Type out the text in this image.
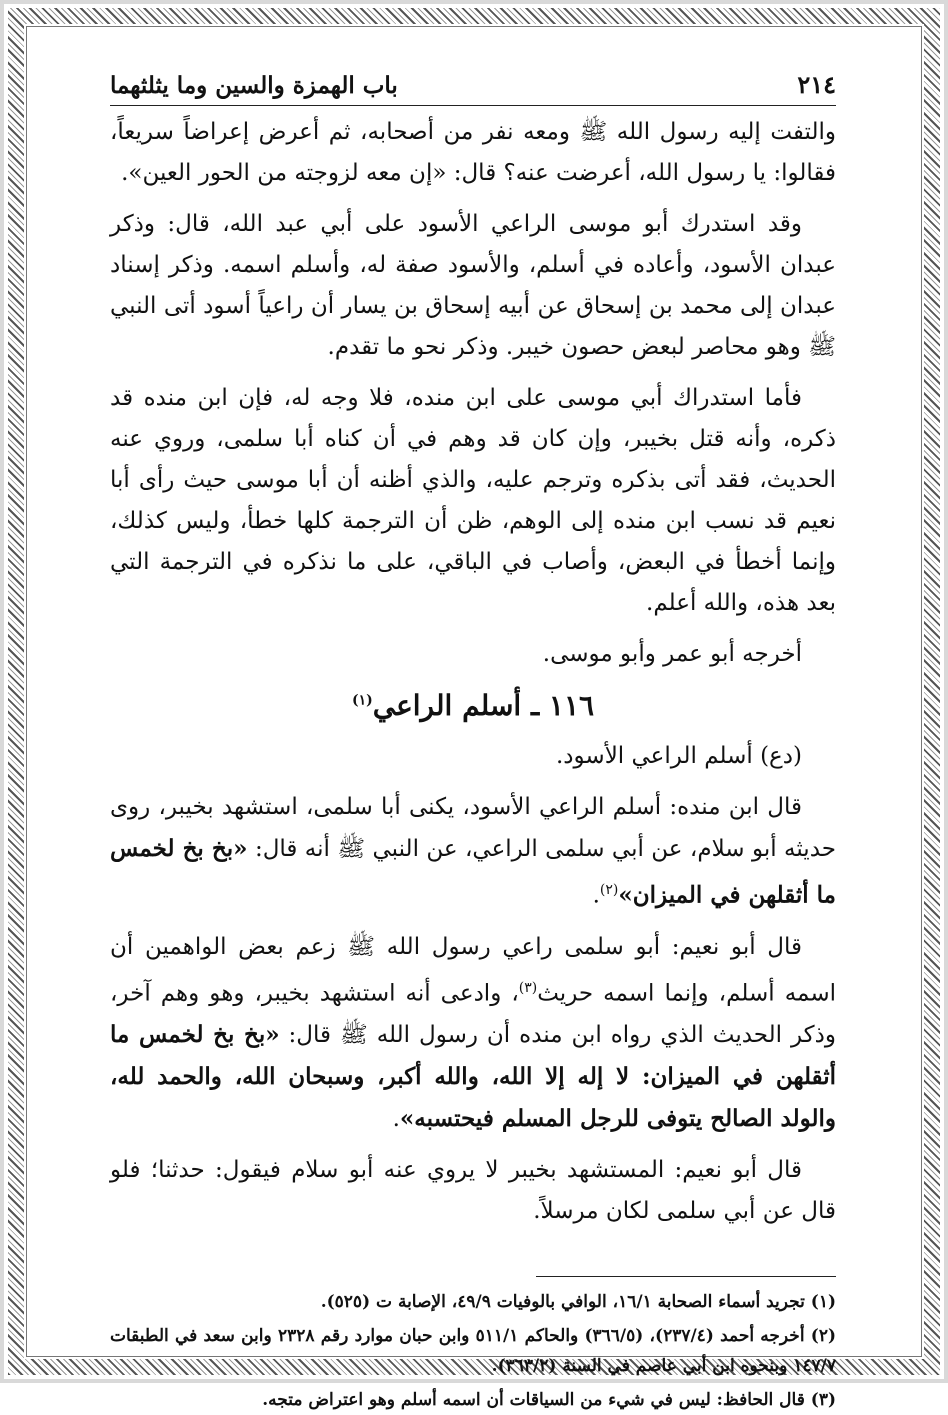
٢١٤
باب الهمزة والسين وما يثلثهما

والتفت إليه رسول الله ﷺ ومعه نفر من أصحابه، ثم أعرض إعراضاً سريعاً، فقالوا: يا رسول الله، أعرضت عنه؟ قال: «إن معه لزوجته من الحور العين».

وقد استدرك أبو موسى الراعي الأسود على أبي عبد الله، قال: وذكر عبدان الأسود، وأعاده في أسلم، والأسود صفة له، وأسلم اسمه. وذكر إسناد عبدان إلى محمد بن إسحاق عن أبيه إسحاق بن يسار أن راعياً أسود أتى النبي ﷺ وهو محاصر لبعض حصون خيبر. وذكر نحو ما تقدم.

فأما استدراك أبي موسى على ابن منده، فلا وجه له، فإن ابن منده قد ذكره، وأنه قتل بخيبر، وإن كان قد وهم في أن كناه أبا سلمى، وروي عنه الحديث، فقد أتى بذكره وترجم عليه، والذي أظنه أن أبا موسى حيث رأى أبا نعيم قد نسب ابن منده إلى الوهم، ظن أن الترجمة كلها خطأ، وليس كذلك، وإنما أخطأ في البعض، وأصاب في الباقي، على ما نذكره في الترجمة التي بعد هذه، والله أعلم.

أخرجه أبو عمر وأبو موسى.

١١٦ ـ أسلم الراعي$^{(١)}$

(دع) أسلم الراعي الأسود.

قال ابن منده: أسلم الراعي الأسود، يكنى أبا سلمى، استشهد بخيبر، روى حديثه أبو سلام، عن أبي سلمى الراعي، عن النبي ﷺ أنه قال: «بخ بخ لخمس ما أثقلهن في الميزان»$^{(٢)}$.

قال أبو نعيم: أبو سلمى راعي رسول الله ﷺ زعم بعض الواهمين أن اسمه أسلم، وإنما اسمه حريث$^{(٣)}$، وادعى أنه استشهد بخيبر، وهو وهم آخر، وذكر الحديث الذي رواه ابن منده أن رسول الله ﷺ قال: «بخ بخ لخمس ما أثقلهن في الميزان: لا إله إلا الله، والله أكبر، وسبحان الله، والحمد لله، والولد الصالح يتوفى للرجل المسلم فيحتسبه».

قال أبو نعيم: المستشهد بخيبر لا يروي عنه أبو سلام فيقول: حدثنا؛ فلو قال عن أبي سلمى لكان مرسلاً.

(١) تجريد أسماء الصحابة ١٦/١، الوافي بالوفيات ٤٩/٩، الإصابة ت (٥٢٥).

(٢) أخرجه أحمد (٢٣٧/٤)، (٣٦٦/٥) والحاكم ٥١١/١ وابن حبان موارد رقم ٢٣٢٨ وابن سعد في الطبقات ١٤٧/٧ وبنحوه ابن أبي عاصم في السنة (٣٦٣/٢).

(٣) قال الحافظ: ليس في شيء من السياقات أن اسمه أسلم وهو اعتراض متجه.
